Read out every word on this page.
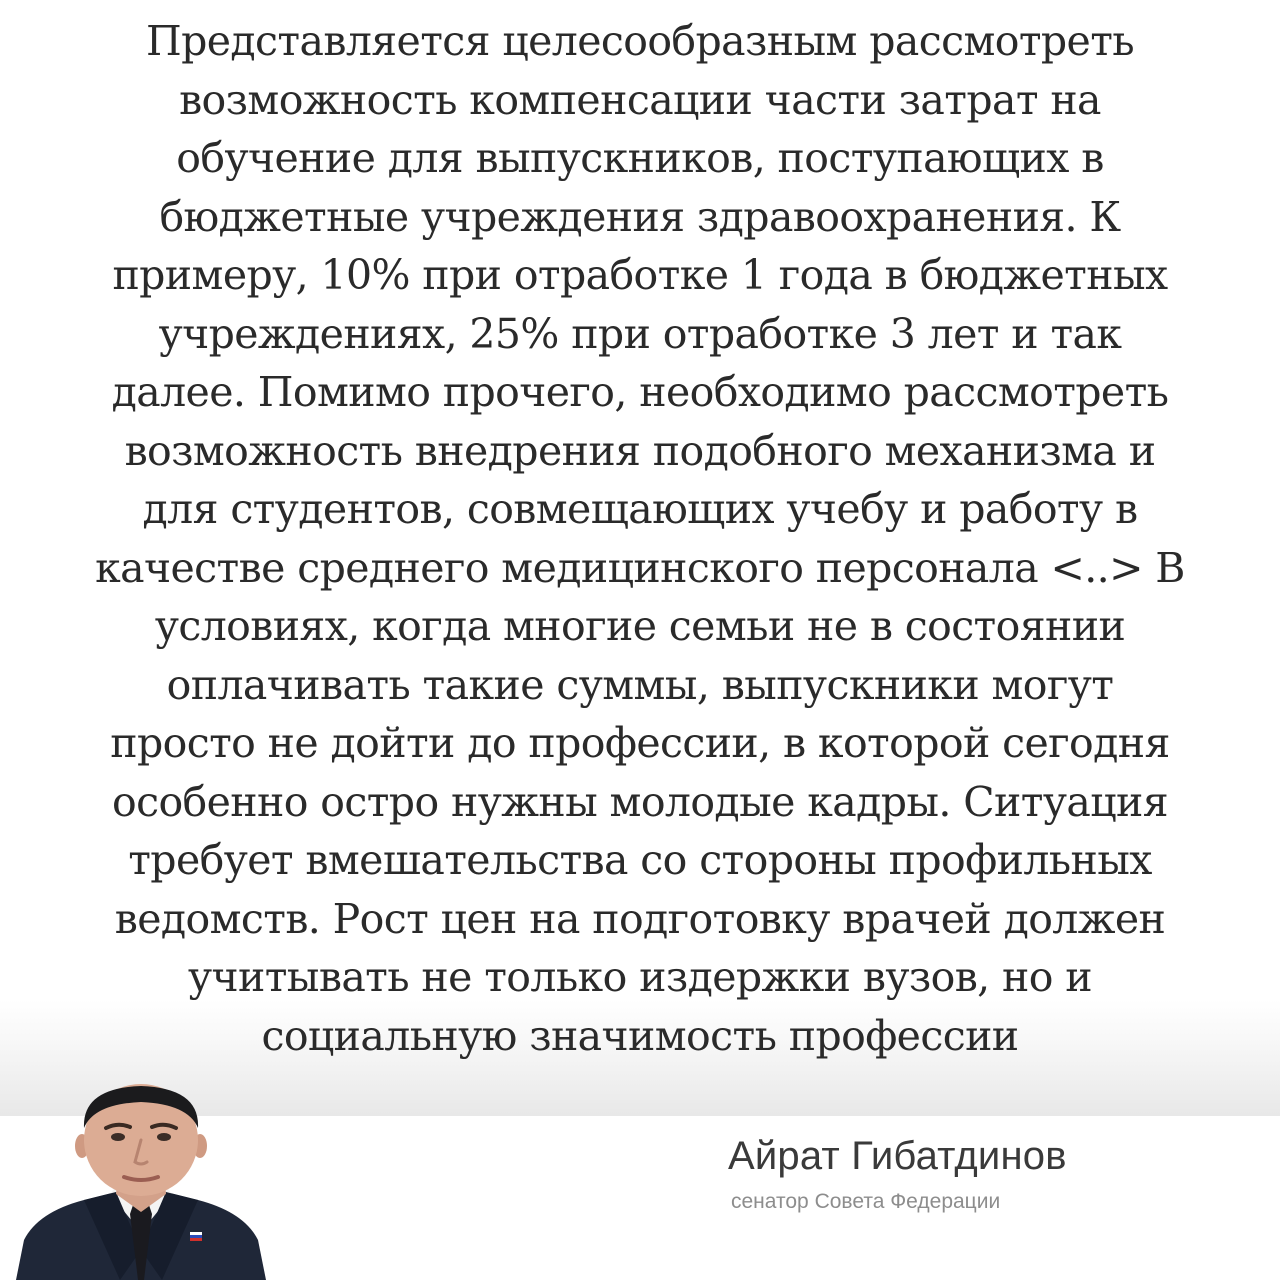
Представляется целесообразным рассмотреть
возможность компенсации части затрат на
обучение для выпускников, поступающих в
бюджетные учреждения здравоохранения. К
примеру, 10% при отработке 1 года в бюджетных
учреждениях, 25% при отработке 3 лет и так
далее. Помимо прочего, необходимо рассмотреть
возможность внедрения подобного механизма и
для студентов, совмещающих учебу и работу в
качестве среднего медицинского персонала <..> В
условиях, когда многие семьи не в состоянии
оплачивать такие суммы, выпускники могут
просто не дойти до профессии, в которой сегодня
особенно остро нужны молодые кадры. Ситуация
требует вмешательства со стороны профильных
ведомств. Рост цен на подготовку врачей должен
учитывать не только издержки вузов, но и
социальную значимость профессии
Айрат Гибатдинов

сенатор Совета Федерации
